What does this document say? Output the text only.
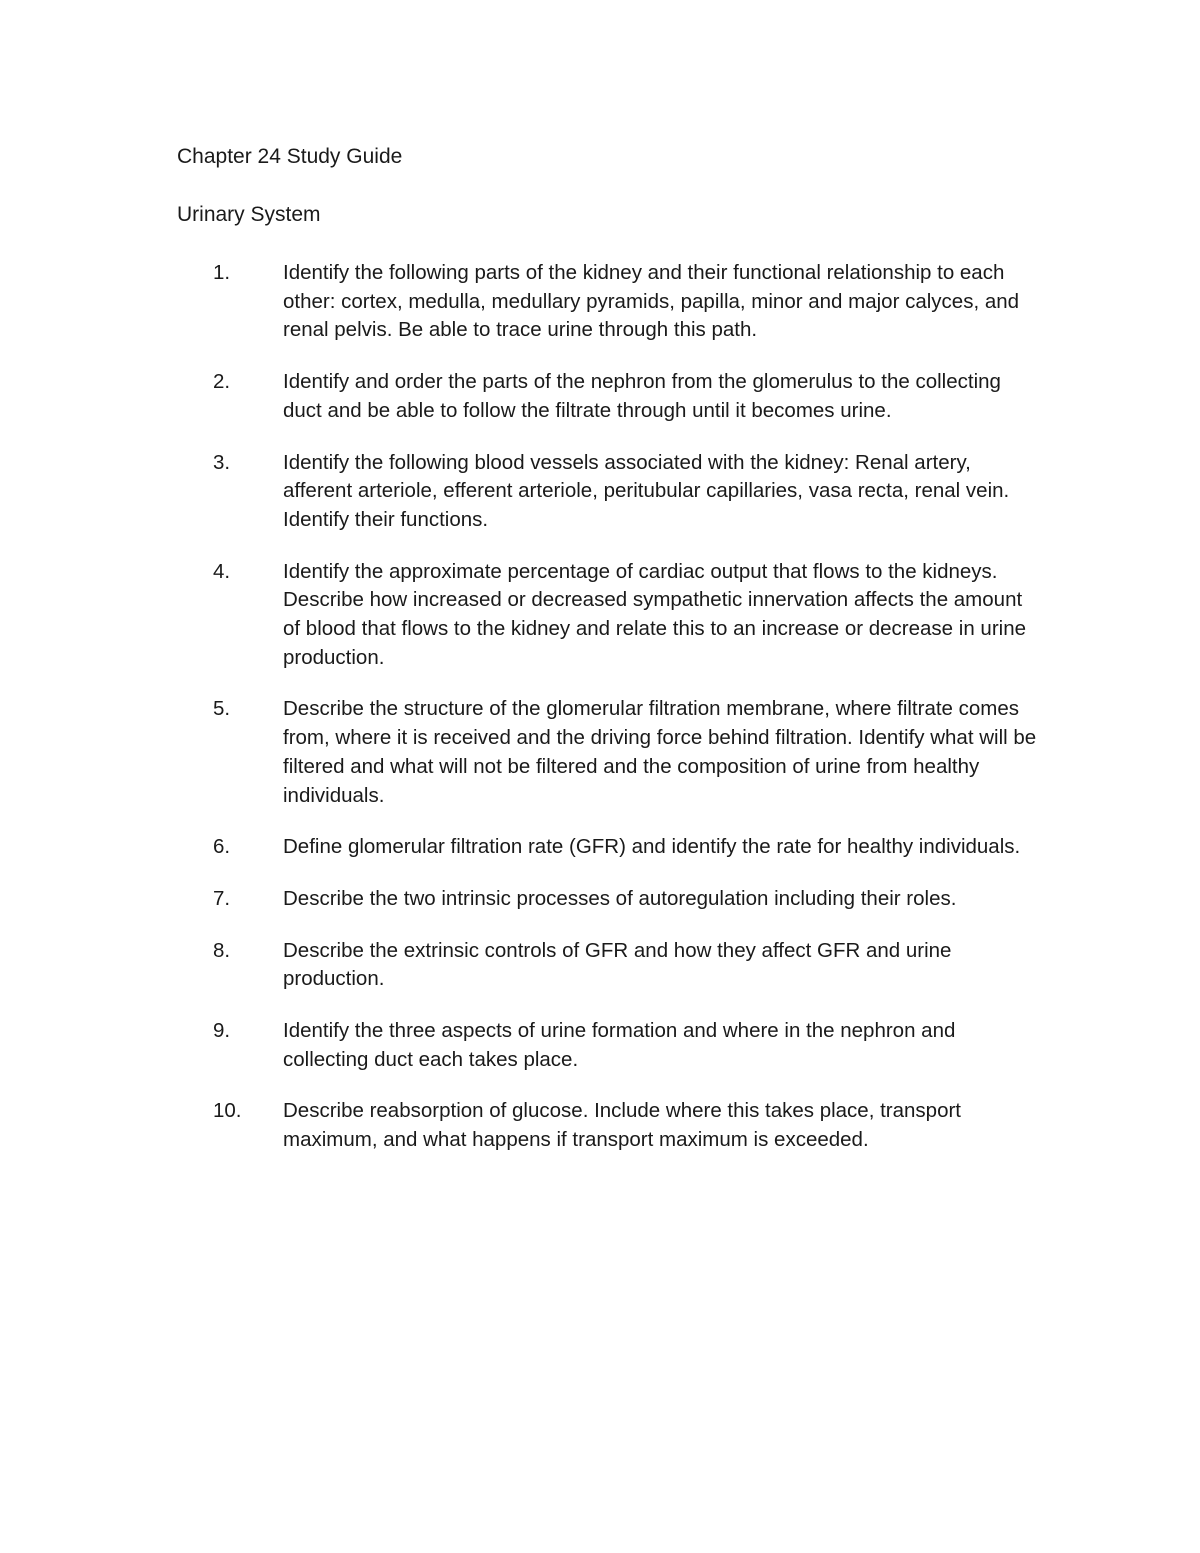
Chapter 24 Study Guide
Urinary System
1.	Identify the following parts of the kidney and their functional relationship to each other: cortex, medulla, medullary pyramids, papilla, minor and major calyces, and renal pelvis. Be able to trace urine through this path.
2.	Identify and order the parts of the nephron from the glomerulus to the collecting duct and be able to follow the filtrate through until it becomes urine.
3.	Identify the following blood vessels associated with the kidney: Renal artery, afferent arteriole, efferent arteriole, peritubular capillaries, vasa recta, renal vein. Identify their functions.
4.	Identify the approximate percentage of cardiac output that flows to the kidneys. Describe how increased or decreased sympathetic innervation affects the amount of blood that flows to the kidney and relate this to an increase or decrease in urine production.
5.	Describe the structure of the glomerular filtration membrane, where filtrate comes from, where it is received and the driving force behind filtration. Identify what will be filtered and what will not be filtered and the composition of urine from healthy individuals.
6.	Define glomerular filtration rate (GFR) and identify the rate for healthy individuals.
7.	Describe the two intrinsic processes of autoregulation including their roles.
8.	Describe the extrinsic controls of GFR and how they affect GFR and urine production.
9.	Identify the three aspects of urine formation and where in the nephron and collecting duct each takes place.
10. Describe reabsorption of glucose. Include where this takes place, transport maximum, and what happens if transport maximum is exceeded.
